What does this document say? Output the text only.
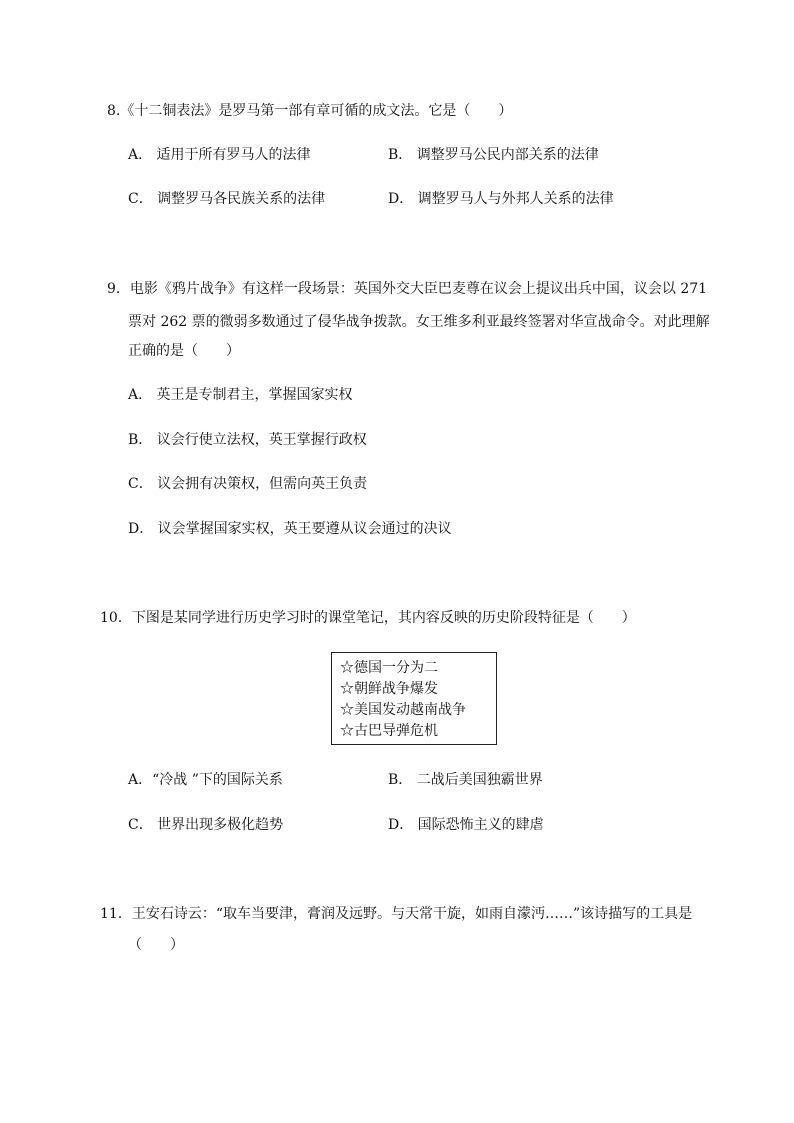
8.《十二铜表法》是罗马第一部有章可循的成文法。它是（　　）
A． 适用于所有罗马人的法律	B． 调整罗马公民内部关系的法律
C． 调整罗马各民族关系的法律	D． 调整罗马人与外邦人关系的法律
9．电影《鸦片战争》有这样一段场景：英国外交大臣巴麦尊在议会上提议出兵中国，议会以 271
票对 262 票的微弱多数通过了侵华战争拨款。女王维多利亚最终签署对华宣战命令。对此理解
正确的是（　　）
A． 英王是专制君主，掌握国家实权
B． 议会行使立法权，英王掌握行政权
C． 议会拥有决策权，但需向英王负责
D． 议会掌握国家实权，英王要遵从议会通过的决议
10．下图是某同学进行历史学习时的课堂笔记，其内容反映的历史阶段特征是（　　）
☆德国一分为二
☆朝鲜战争爆发
☆美国发动越南战争
☆古巴导弹危机
A．“冷战 ”下的国际关系	B． 二战后美国独霸世界
C． 世界出现多极化趋势	D． 国际恐怖主义的肆虐
11．王安石诗云：“取车当要津，膏润及远野。与天常干旋，如雨自濛沔……”该诗描写的工具是
（　　）
